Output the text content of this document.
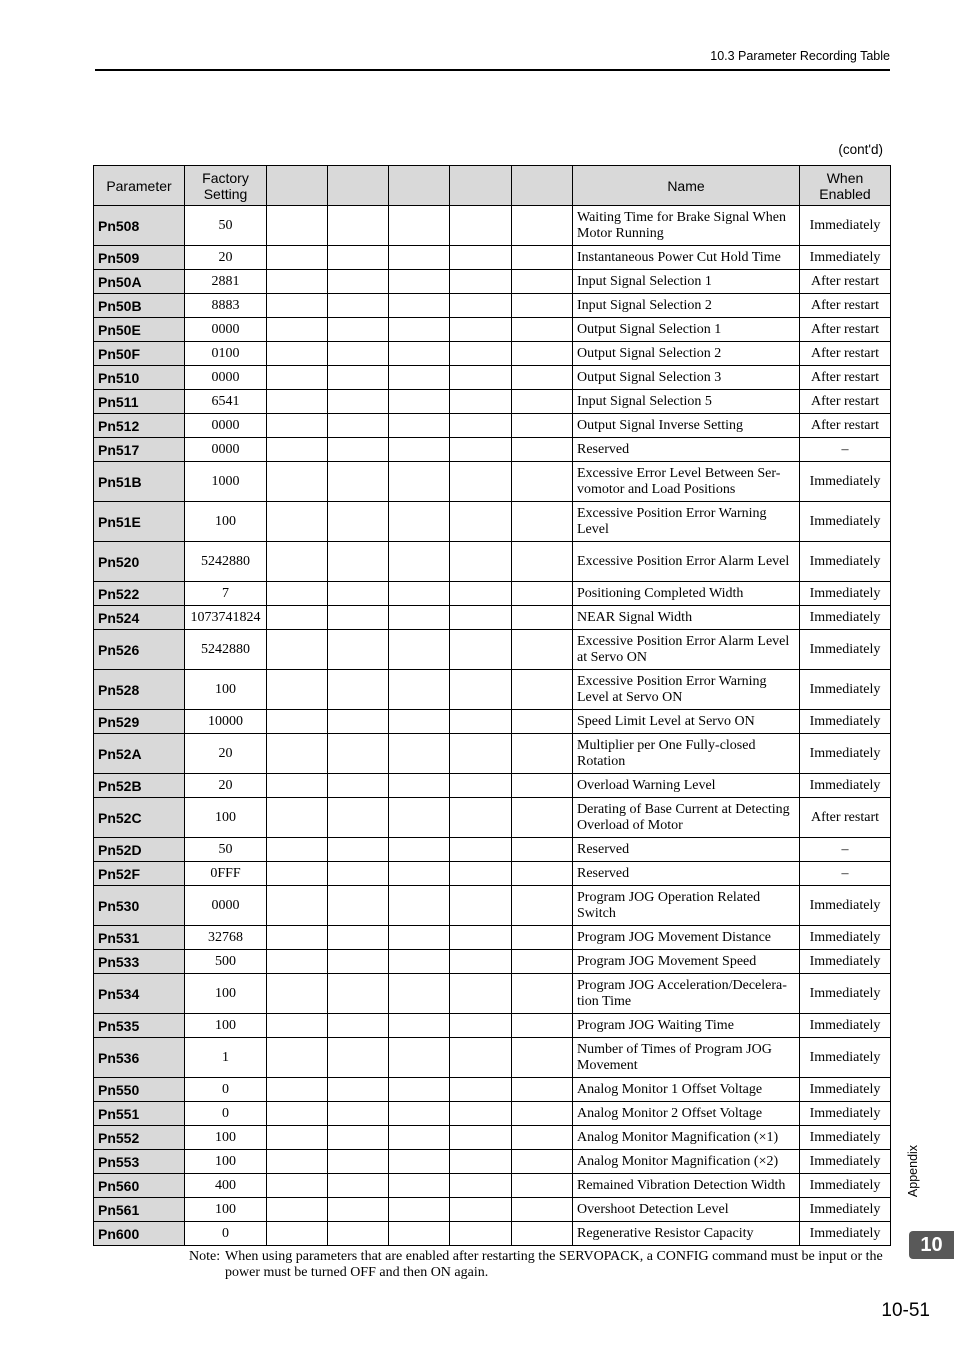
10.3 Parameter Recording Table
(cont'd)
Parameter	Factory Setting						Name	When Enabled
Pn508	50						Waiting Time for Brake Signal When Motor Running	Immediately
Pn509	20						Instantaneous Power Cut Hold Time	Immediately
Pn50A	2881						Input Signal Selection 1	After restart
Pn50B	8883						Input Signal Selection 2	After restart
Pn50E	0000						Output Signal Selection 1	After restart
Pn50F	0100						Output Signal Selection 2	After restart
Pn510	0000						Output Signal Selection 3	After restart
Pn511	6541						Input Signal Selection 5	After restart
Pn512	0000						Output Signal Inverse Setting	After restart
Pn517	0000						Reserved	–
Pn51B	1000						Excessive Error Level Between Ser-vomotor and Load Positions	Immediately
Pn51E	100						Excessive Position Error Warning Level	Immediately
Pn520	5242880						Excessive Position Error Alarm Level	Immediately
Pn522	7						Positioning Completed Width	Immediately
Pn524	1073741824						NEAR Signal Width	Immediately
Pn526	5242880						Excessive Position Error Alarm Level at Servo ON	Immediately
Pn528	100						Excessive Position Error Warning Level at Servo ON	Immediately
Pn529	10000						Speed Limit Level at Servo ON	Immediately
Pn52A	20						Multiplier per One Fully-closed Rotation	Immediately
Pn52B	20						Overload Warning Level	Immediately
Pn52C	100						Derating of Base Current at Detecting Overload of Motor	After restart
Pn52D	50						Reserved	–
Pn52F	0FFF						Reserved	–
Pn530	0000						Program JOG Operation Related Switch	Immediately
Pn531	32768						Program JOG Movement Distance	Immediately
Pn533	500						Program JOG Movement Speed	Immediately
Pn534	100						Program JOG Acceleration/Decelera-tion Time	Immediately
Pn535	100						Program JOG Waiting Time	Immediately
Pn536	1						Number of Times of Program JOG Movement	Immediately
Pn550	0						Analog Monitor 1 Offset Voltage	Immediately
Pn551	0						Analog Monitor 2 Offset Voltage	Immediately
Pn552	100						Analog Monitor Magnification (×1)	Immediately
Pn553	100						Analog Monitor Magnification (×2)	Immediately
Pn560	400						Remained Vibration Detection Width	Immediately
Pn561	100						Overshoot Detection Level	Immediately
Pn600	0						Regenerative Resistor Capacity	Immediately
Note: When using parameters that are enabled after restarting the SERVOPACK, a CONFIG command must be input or the power must be turned OFF and then ON again.
Appendix
10
10-51
